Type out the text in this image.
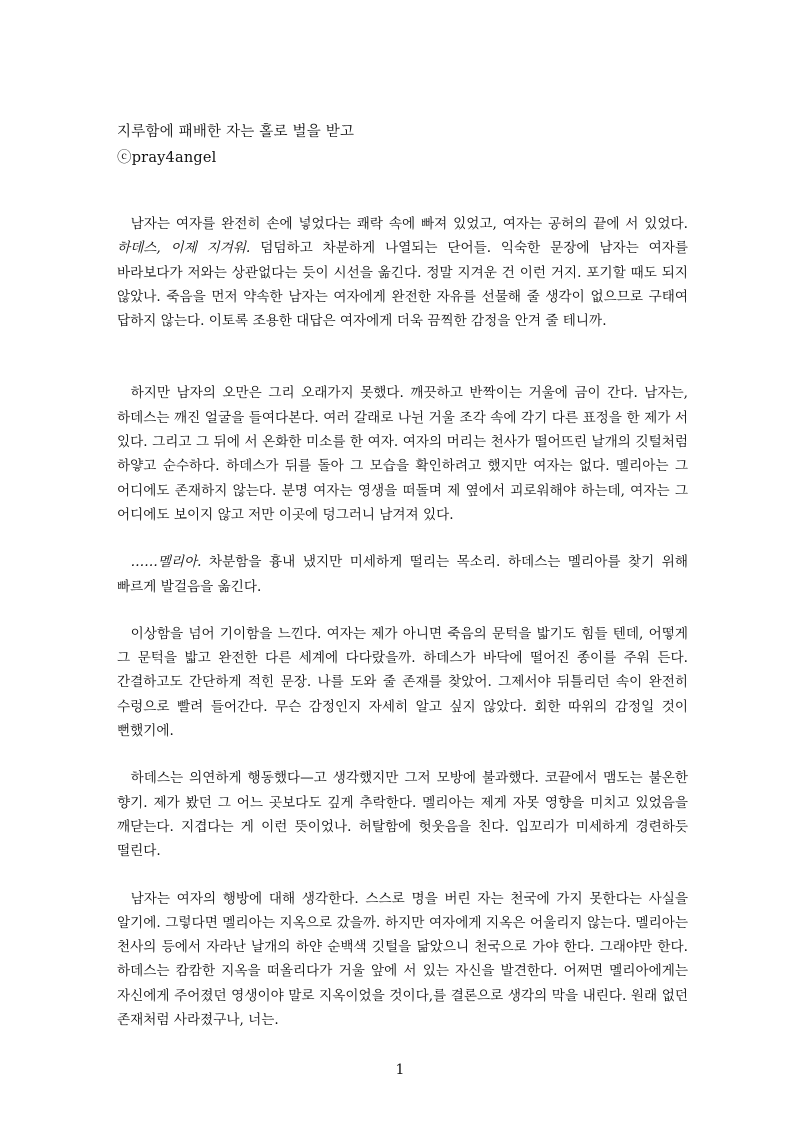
지루함에 패배한 자는 홀로 벌을 받고

ⓒpray4angel

남자는 여자를 완전히 손에 넣었다는 쾌락 속에 빠져 있었고, 여자는 공허의 끝에 서 있었다. 하데스, 이제 지겨워. 덤덤하고 차분하게 나열되는 단어들. 익숙한 문장에 남자는 여자를 바라보다가 저와는 상관없다는 듯이 시선을 옮긴다. 정말 지겨운 건 이런 거지. 포기할 때도 되지 않았나. 죽음을 먼저 약속한 남자는 여자에게 완전한 자유를 선물해 줄 생각이 없으므로 구태여 답하지 않는다. 이토록 조용한 대답은 여자에게 더욱 끔찍한 감정을 안겨 줄 테니까.

하지만 남자의 오만은 그리 오래가지 못했다. 깨끗하고 반짝이는 거울에 금이 간다. 남자는, 하데스는 깨진 얼굴을 들여다본다. 여러 갈래로 나뉜 거울 조각 속에 각기 다른 표정을 한 제가 서 있다. 그리고 그 뒤에 서 온화한 미소를 한 여자. 여자의 머리는 천사가 떨어뜨린 날개의 깃털처럼 하얗고 순수하다. 하데스가 뒤를 돌아 그 모습을 확인하려고 했지만 여자는 없다. 멜리아는 그 어디에도 존재하지 않는다. 분명 여자는 영생을 떠돌며 제 옆에서 괴로워해야 하는데, 여자는 그 어디에도 보이지 않고 저만 이곳에 덩그러니 남겨져 있다.

……멜리아. 차분함을 흉내 냈지만 미세하게 떨리는 목소리. 하데스는 멜리아를 찾기 위해 빠르게 발걸음을 옮긴다.

이상함을 넘어 기이함을 느낀다. 여자는 제가 아니면 죽음의 문턱을 밟기도 힘들 텐데, 어떻게 그 문턱을 밟고 완전한 다른 세계에 다다랐을까. 하데스가 바닥에 떨어진 종이를 주워 든다. 간결하고도 간단하게 적힌 문장. 나를 도와 줄 존재를 찾았어. 그제서야 뒤틀리던 속이 완전히 수렁으로 빨려 들어간다. 무슨 감정인지 자세히 알고 싶지 않았다. 회한 따위의 감정일 것이 뻔했기에.

하데스는 의연하게 행동했다—고 생각했지만 그저 모방에 불과했다. 코끝에서 맴도는 불온한 향기. 제가 봤던 그 어느 곳보다도 깊게 추락한다. 멜리아는 제게 자못 영향을 미치고 있었음을 깨닫는다. 지겹다는 게 이런 뜻이었나. 허탈함에 헛웃음을 친다. 입꼬리가 미세하게 경련하듯 떨린다.

남자는 여자의 행방에 대해 생각한다. 스스로 명을 버린 자는 천국에 가지 못한다는 사실을 알기에. 그렇다면 멜리아는 지옥으로 갔을까. 하지만 여자에게 지옥은 어울리지 않는다. 멜리아는 천사의 등에서 자라난 날개의 하얀 순백색 깃털을 닮았으니 천국으로 가야 한다. 그래야만 한다. 하데스는 캄캄한 지옥을 떠올리다가 거울 앞에 서 있는 자신을 발견한다. 어쩌면 멜리아에게는 자신에게 주어졌던 영생이야 말로 지옥이었을 것이다,를 결론으로 생각의 막을 내린다. 원래 없던 존재처럼 사라졌구나, 너는.

1
